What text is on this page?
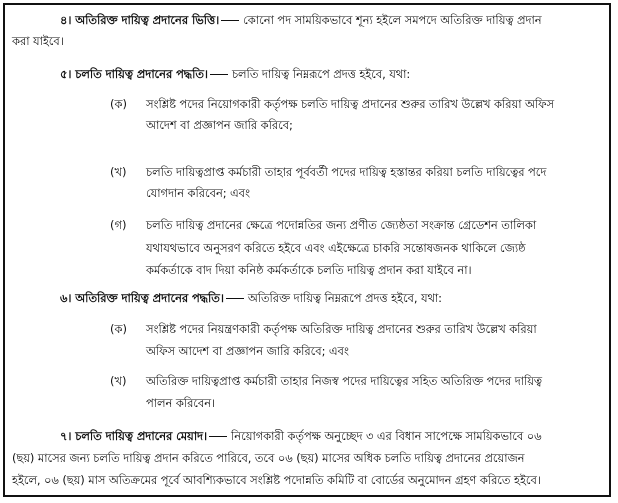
৪। অতিরিক্ত দায়িত্ব প্রদানের ভিত্তি। কোনো পদ সাময়িকভাবে শূন্য হইলে সমপদে অতিরিক্ত দায়িত্ব প্রদান
করা যাইবে।
৫। চলতি দায়িত্ব প্রদানের পদ্ধতি। চলতি দায়িত্ব নিম্নরূপে প্রদত্ত হইবে, যথা:
(ক) সংশ্লিষ্ট পদের নিয়োগকারী কর্তৃপক্ষ চলতি দায়িত্ব প্রদানের শুরুর তারিখ উল্লেখ করিয়া অফিস
আদেশ বা প্রজ্ঞাপন জারি করিবে;
(খ) চলতি দায়িত্বপ্রাপ্ত কর্মচারী তাহার পূর্ববর্তী পদের দায়িত্ব হস্তান্তর করিয়া চলতি দায়িত্বের পদে
যোগদান করিবেন; এবং
(গ) চলতি দায়িত্ব প্রদানের ক্ষেত্রে পদোন্নতির জন্য প্রণীত জ্যেষ্ঠতা সংক্রান্ত গ্রেডেশন তালিকা
যথাযথভাবে অনুসরণ করিতে হইবে এবং এইক্ষেত্রে চাকরি সন্তোষজনক থাকিলে জ্যেষ্ঠ
কর্মকর্তাকে বাদ দিয়া কনিষ্ঠ কর্মকর্তাকে চলতি দায়িত্ব প্রদান করা যাইবে না।
৬। অতিরিক্ত দায়িত্ব প্রদানের পদ্ধতি। অতিরিক্ত দায়িত্ব নিম্নরূপে প্রদত্ত হইবে, যথা:
(ক) সংশ্লিষ্ট পদের নিয়ন্ত্রণকারী কর্তৃপক্ষ অতিরিক্ত দায়িত্ব প্রদানের শুরুর তারিখ উল্লেখ করিয়া
অফিস আদেশ বা প্রজ্ঞাপন জারি করিবে; এবং
(খ) অতিরিক্ত দায়িত্বপ্রাপ্ত কর্মচারী তাহার নিজস্ব পদের দায়িত্বের সহিত অতিরিক্ত পদের দায়িত্ব
পালন করিবেন।
৭। চলতি দায়িত্ব প্রদানের মেয়াদ। নিয়োগকারী কর্তৃপক্ষ অনুচ্ছেদ ৩ এর বিধান সাপেক্ষে সাময়িকভাবে ০৬
(ছয়) মাসের জন্য চলতি দায়িত্ব প্রদান করিতে পারিবে, তবে ০৬ (ছয়) মাসের অধিক চলতি দায়িত্ব প্রদানের প্রয়োজন
হইলে, ০৬ (ছয়) মাস অতিক্রমের পূর্বে আবশ্যিকভাবে সংশ্লিষ্ট পদোন্নতি কমিটি বা বোর্ডের অনুমোদন গ্রহণ করিতে হইবে।
